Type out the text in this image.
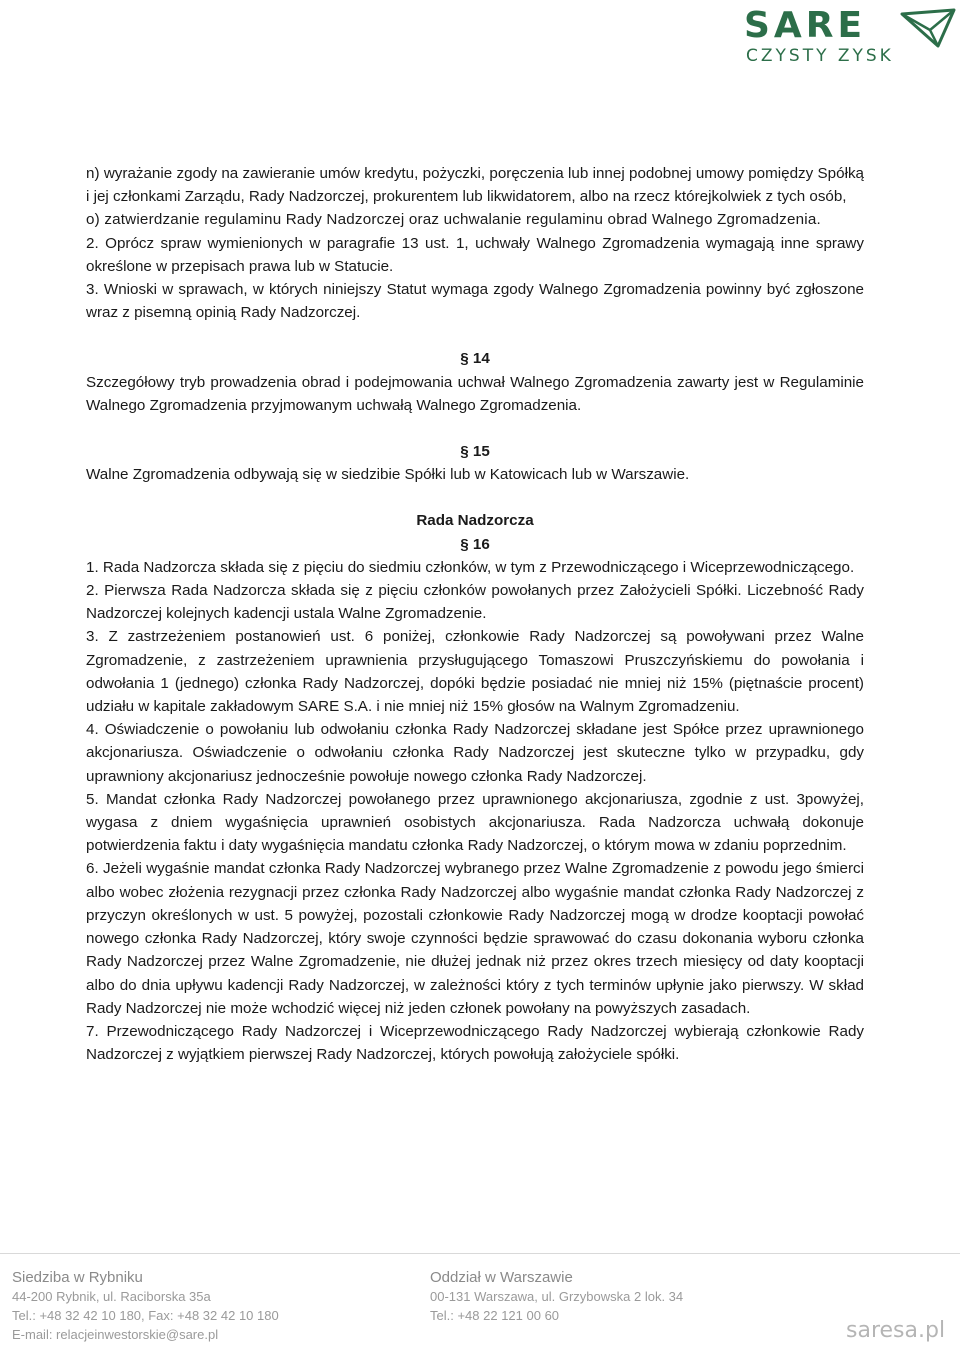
SARE
CZYSTY ZYSK

n) wyrażanie zgody na zawieranie umów kredytu, pożyczki, poręczenia lub innej podobnej umowy pomiędzy Spółką i jej członkami Zarządu, Rady Nadzorczej, prokurentem lub likwidatorem, albo na rzecz którejkolwiek z tych osób,

o) zatwierdzanie regulaminu Rady Nadzorczej oraz uchwalanie regulaminu obrad Walnego Zgromadzenia.

2. Oprócz spraw wymienionych w paragrafie 13 ust. 1, uchwały Walnego Zgromadzenia wymagają inne sprawy określone w przepisach prawa lub w Statucie.

3. Wnioski w sprawach, w których niniejszy Statut wymaga zgody Walnego Zgromadzenia powinny być zgłoszone wraz z pisemną opinią Rady Nadzorczej.

§ 14

Szczegółowy tryb prowadzenia obrad i podejmowania uchwał Walnego Zgromadzenia zawarty jest w Regulaminie Walnego Zgromadzenia przyjmowanym uchwałą Walnego Zgromadzenia.

§ 15

Walne Zgromadzenia odbywają się w siedzibie Spółki lub w Katowicach lub w Warszawie.

Rada Nadzorcza

§ 16

1. Rada Nadzorcza składa się z pięciu do siedmiu członków, w tym z Przewodniczącego i Wiceprzewodniczącego.

2. Pierwsza Rada Nadzorcza składa się z pięciu członków powołanych przez Założycieli Spółki. Liczebność Rady Nadzorczej kolejnych kadencji ustala Walne Zgromadzenie.

3. Z zastrzeżeniem postanowień ust. 6 poniżej, członkowie Rady Nadzorczej są powoływani przez Walne Zgromadzenie, z zastrzeżeniem uprawnienia przysługującego Tomaszowi Pruszczyńskiemu do powołania i odwołania 1 (jednego) członka Rady Nadzorczej, dopóki będzie posiadać nie mniej niż 15% (piętnaście procent) udziału w kapitale zakładowym SARE S.A. i nie mniej niż 15% głosów na Walnym Zgromadzeniu.

4. Oświadczenie o powołaniu lub odwołaniu członka Rady Nadzorczej składane jest Spółce przez uprawnionego akcjonariusza. Oświadczenie o odwołaniu członka Rady Nadzorczej jest skuteczne tylko w przypadku, gdy uprawniony akcjonariusz jednocześnie powołuje nowego członka Rady Nadzorczej.

5. Mandat członka Rady Nadzorczej powołanego przez uprawnionego akcjonariusza, zgodnie z ust. 3powyżej, wygasa z dniem wygaśnięcia uprawnień osobistych akcjonariusza. Rada Nadzorcza uchwałą dokonuje potwierdzenia faktu i daty wygaśnięcia mandatu członka Rady Nadzorczej, o którym mowa w zdaniu poprzednim.

6. Jeżeli wygaśnie mandat członka Rady Nadzorczej wybranego przez Walne Zgromadzenie z powodu jego śmierci albo wobec złożenia rezygnacji przez członka Rady Nadzorczej albo wygaśnie mandat członka Rady Nadzorczej z przyczyn określonych w ust. 5 powyżej, pozostali członkowie Rady Nadzorczej mogą w drodze kooptacji powołać nowego członka Rady Nadzorczej, który swoje czynności będzie sprawować do czasu dokonania wyboru członka Rady Nadzorczej przez Walne Zgromadzenie, nie dłużej jednak niż przez okres trzech miesięcy od daty kooptacji albo do dnia upływu kadencji Rady Nadzorczej, w zależności który z tych terminów upłynie jako pierwszy. W skład Rady Nadzorczej nie może wchodzić więcej niż jeden członek powołany na powyższych zasadach.

7. Przewodniczącego Rady Nadzorczej i Wiceprzewodniczącego Rady Nadzorczej wybierają członkowie Rady Nadzorczej z wyjątkiem pierwszej Rady Nadzorczej, których powołują założyciele spółki.

Siedziba w Rybniku
44-200 Rybnik, ul. Raciborska 35a
Tel.: +48 32 42 10 180, Fax: +48 32 42 10 180
E-mail: relacjeinwestorskie@sare.pl
Oddział w Warszawie
00-131 Warszawa, ul. Grzybowska 2 lok. 34
Tel.: +48 22 121 00 60
saresa.pl
